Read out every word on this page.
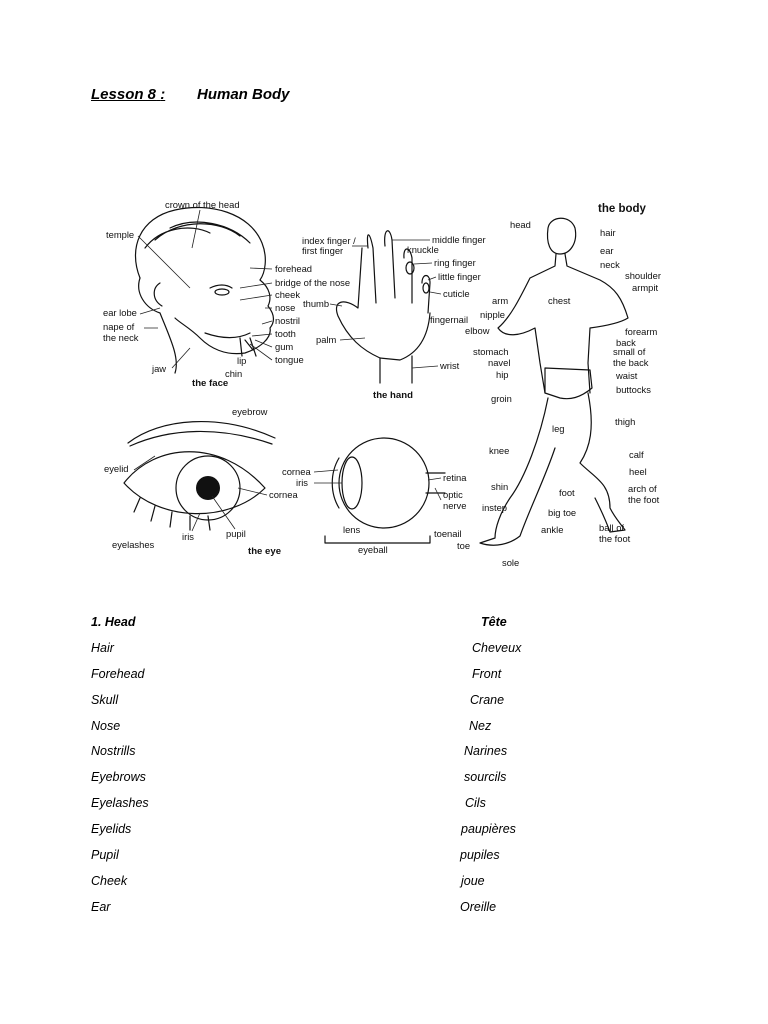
Lesson 8 : Human Body
the face
crown of the head
temple
forehead
bridge of the nose
cheek
nose
nostril
ear lobe
nape of
the neck	tooth
gum
tongue
lip
jaw	chin
the hand
index finger /
first finger
middle finger
knuckle
ring finger
little finger
cuticle
thumb
fingernail
palm
wrist
the body
head
hair
ear
neck
shoulder
armpit
chest
arm
nipple
elbow	forearm
back
small of
the back
waist
stomach
navel
hip
buttocks
groin
thigh
leg
knee	calf
heel
arch of
the foot
shin
foot
instep	big toe
ankle	ball of
the foot
toenail
toe
sole
the eye
eyebrow
eyelid
cornea
eyelashes
iris	pupil
cornea
iris	retina
optic
nerve
lens
eyeball
1. Head	Tête
Hair	Cheveux
Forehead	Front
Skull	Crane
Nose	Nez
Nostrills	Narines
Eyebrows	sourcils
Eyelashes	Cils
Eyelids	paupières
Pupil	pupiles
Cheek	joue
Ear	Oreille
